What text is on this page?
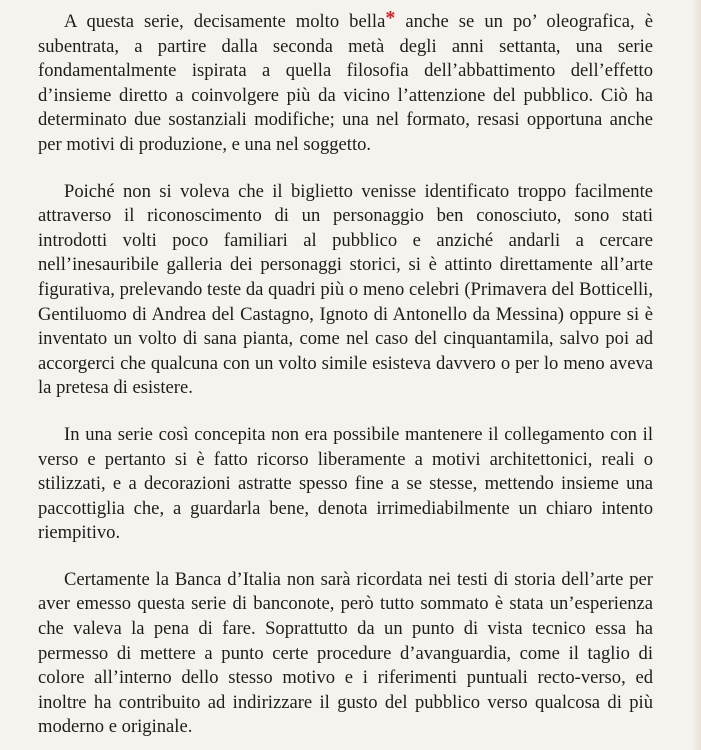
A questa serie, decisamente molto bella* anche se un po’ oleografica, è subentrata, a partire dalla seconda metà degli anni settanta, una serie fondamentalmente ispirata a quella filosofia dell’abbattimento dell’effetto d’insieme diretto a coinvolgere più da vicino l’attenzione del pubblico. Ciò ha determinato due sostanziali modifiche; una nel formato, resasi opportuna anche per motivi di produzione, e una nel soggetto.

Poiché non si voleva che il biglietto venisse identificato troppo facilmente attraverso il riconoscimento di un personaggio ben conosciuto, sono stati introdotti volti poco familiari al pubblico e anziché andarli a cercare nell’inesauribile galleria dei personaggi storici, si è attinto direttamente all’arte figurativa, prelevando teste da quadri più o meno celebri (Primavera del Botticelli, Gentiluomo di Andrea del Castagno, Ignoto di Antonello da Messina) oppure si è inventato un volto di sana pianta, come nel caso del cinquantamila, salvo poi ad accorgerci che qualcuna con un volto simile esisteva davvero o per lo meno aveva la pretesa di esistere.

In una serie così concepita non era possibile mantenere il collegamento con il verso e pertanto si è fatto ricorso liberamente a motivi architettonici, reali o stilizzati, e a decorazioni astratte spesso fine a se stesse, mettendo insieme una paccottiglia che, a guardarla bene, denota irrimediabilmente un chiaro intento riempitivo.

Certamente la Banca d’Italia non sarà ricordata nei testi di storia dell’arte per aver emesso questa serie di banconote, però tutto sommato è stata un’esperienza che valeva la pena di fare. Soprattutto da un punto di vista tecnico essa ha permesso di mettere a punto certe procedure d’avanguardia, come il taglio di colore all’interno dello stesso motivo e i riferimenti puntuali recto-verso, ed inoltre ha contribuito ad indirizzare il gusto del pubblico verso qualcosa di più moderno e originale.
